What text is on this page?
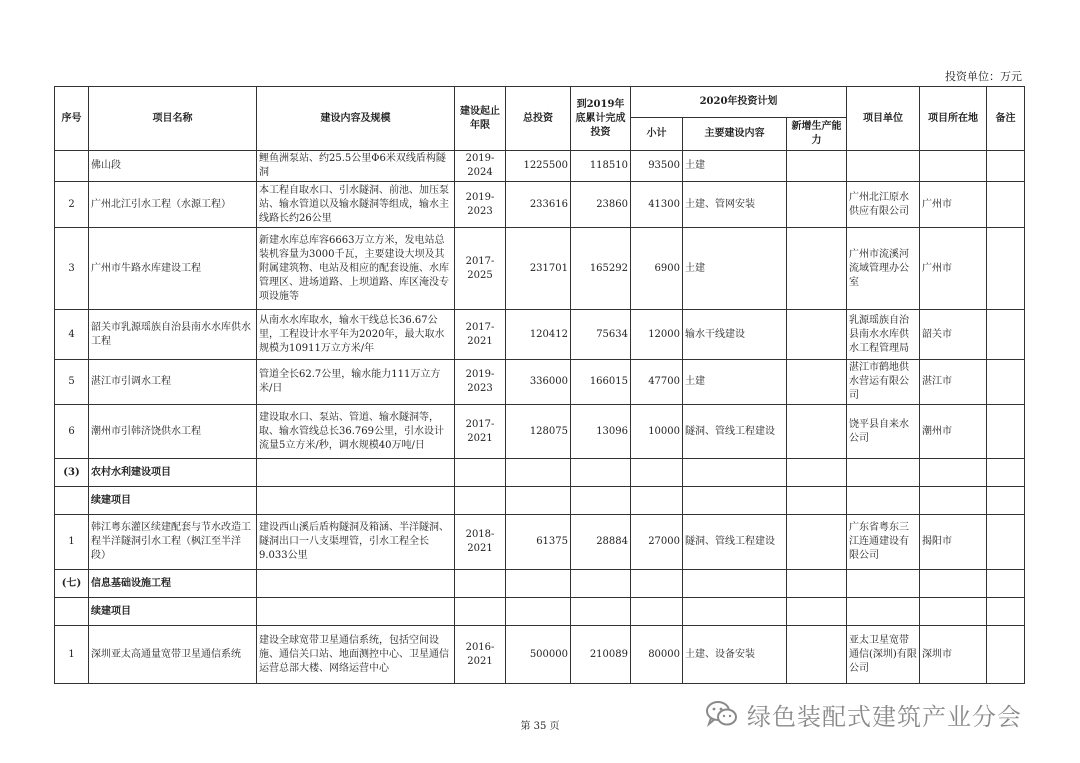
投资单位：万元
序号	项目名称	建设内容及规模	建设起止年限	总投资	到2019年底累计完成投资	2020年投资计划			项目单位	项目所在地	备注
						小计	主要建设内容	新增生产能力			
	佛山段	鲤鱼洲泵站、约25.5公里Φ6米双线盾构隧洞	2019-2024	1225500	118510	93500	土建				
2	广州北江引水工程（水源工程）	本工程自取水口、引水隧洞、前池、加压泵站、输水管道以及输水隧洞等组成，输水主线路长约26公里	2019-2023	233616	23860	41300	土建、管网安装		广州北江原水供应有限公司	广州市	
3	广州市牛路水库建设工程	新建水库总库容6663万立方米，发电站总装机容量为3000千瓦，主要建设大坝及其附属建筑物、电站及相应的配套设施、水库管理区、进场道路、上坝道路、库区淹没专项设施等	2017-2025	231701	165292	6900	土建		广州市流溪河流域管理办公室	广州市	
4	韶关市乳源瑶族自治县南水水库供水工程	从南水水库取水，输水干线总长36.67公里，工程设计水平年为2020年，最大取水规模为10911万立方米/年	2017-2021	120412	75634	12000	输水干线建设		乳源瑶族自治县南水水库供水工程管理局	韶关市	
5	湛江市引调水工程	管道全长62.7公里，输水能力111万立方米/日	2019-2023	336000	166015	47700	土建		湛江市鹤地供水营运有限公司	湛江市	
6	潮州市引韩济饶供水工程	建设取水口、泵站、管道、输水隧洞等，取、输水管线总长36.769公里，引水设计流量5立方米/秒，调水规模40万吨/日	2017-2021	128075	13096	10000	隧洞、管线工程建设		饶平县自来水公司	潮州市	
(3)	农村水利建设项目										
	续建项目										
1	韩江粤东灌区续建配套与节水改造工程半洋隧洞引水工程（枫江至半洋段）	建设西山溪后盾构隧洞及箱涵、半洋隧洞、隧洞出口一八支渠埋管，引水工程全长9.033公里	2018-2021	61375	28884	27000	隧洞、管线工程建设		广东省粤东三江连通建设有限公司	揭阳市	
(七)	信息基础设施工程										
	续建项目										
1	深圳亚太高通量宽带卫星通信系统	建设全球宽带卫星通信系统，包括空间设施、通信关口站、地面测控中心、卫星通信运营总部大楼、网络运营中心	2016-2021	500000	210089	80000	土建、设备安装		亚太卫星宽带通信(深圳)有限公司	深圳市	
绿色装配式建筑产业分会
第 35 页
